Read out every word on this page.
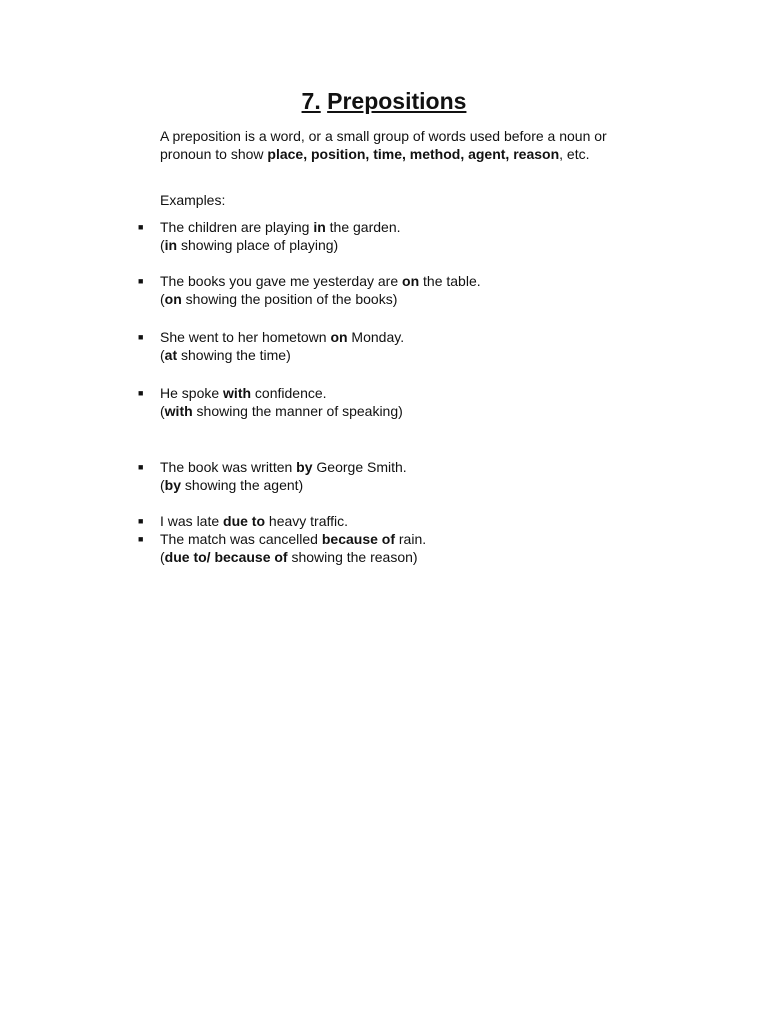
7. Prepositions

A preposition is a word, or a small group of words used before a noun or pronoun to show place, position, time, method, agent, reason, etc.

Examples:

■	The children are playing in the garden.
(in showing place of playing)
■	The books you gave me yesterday are on the table.
(on showing the position of the books)
■	She went to her hometown on Monday.
(at showing the time)
■	He spoke with confidence.
(with showing the manner of speaking)
■	The book was written by George Smith.
(by showing the agent)
■	I was late due to heavy traffic.
■	The match was cancelled because of rain.
(due to/ because of showing the reason)
